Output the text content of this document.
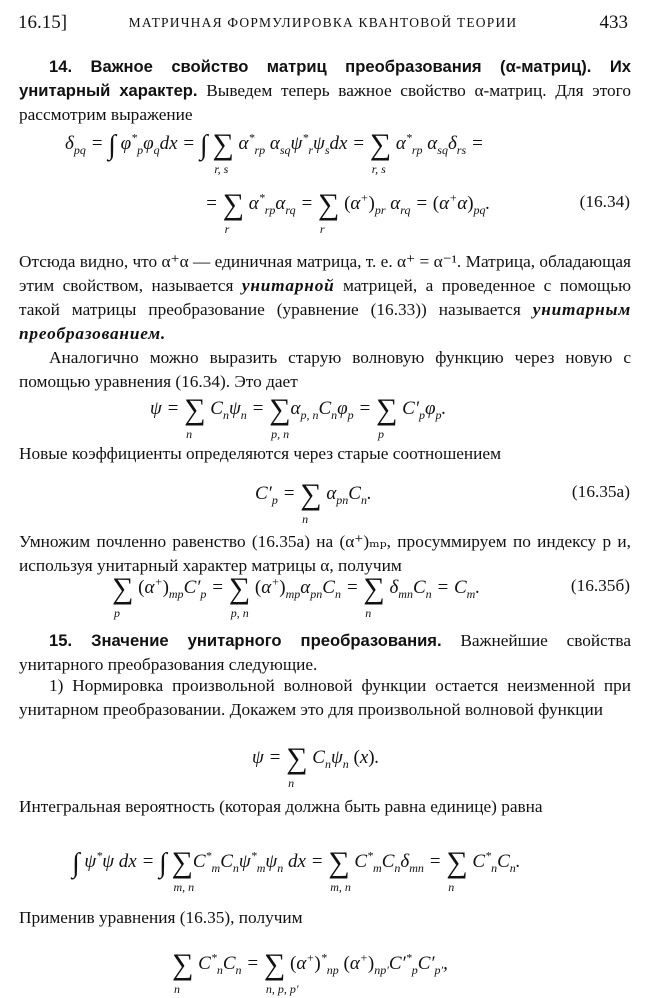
16.15]	МАТРИЧНАЯ ФОРМУЛИРОВКА КВАНТОВОЙ ТЕОРИИ	433

14. Важное свойство матриц преобразования (α-матриц). Их унитарный характер. Выведем теперь важное свойство α-матриц. Для этого рассмотрим выражение

$\delta_{pq}$ = ∫ $\varphi^*_p\varphi_qdx$ = ∫ ∑
r, s
$\alpha^*_{rp}$ $\alpha_{sq}\psi^*_r\psi_sdx$ = ∑
r, s
$\alpha^*_{rp}$ $\alpha_{sq}\delta_{rs}$ =
= ∑
r
$\alpha^*_{rp}\alpha_{rq}$ = ∑
r
$(\alpha^+)_{pr}$ $\alpha_{rq} = (\alpha^+\alpha)_{pq}$.	(16.34)

Отсюда видно, что α⁺α — единичная матрица, т. е. α⁺ = α⁻¹. Матрица, обладающая этим свойством, называется унитарной матрицей, а проведенное с помощью такой матрицы преобразование (уравнение (16.33)) называется унитарным преобразованием.

Аналогично можно выразить старую волновую функцию через новую с помощью уравнения (16.34). Это дает

ψ = ∑
n
$C_n\psi_n$ = ∑
p, n
$\alpha_{p, n}C_n\varphi_p$ = ∑
p
$C'_p\varphi_p$.

Новые коэффициенты определяются через старые соотношением

$C'_p$ = ∑
n
$\alpha_{pn}C_n$.	(16.35а)

Умножим почленно равенство (16.35а) на (α⁺)ₘₚ, просуммируем по индексу p и, используя унитарный характер матрицы α, получим

∑
p
$(\alpha^+)_{mp}C'_p$ = ∑
p, n
$(\alpha^+)_{mp}\alpha_{pn}C_n$ = ∑
n
$\delta_{mn}C_n = C_m$.	(16.35б)

15. Значение унитарного преобразования. Важнейшие свойства унитарного преобразования следующие.

1) Нормировка произвольной волновой функции остается неизменной при унитарном преобразовании. Докажем это для произвольной волновой функции

ψ = ∑
n
$C_n\psi_n$ (x).

Интегральная вероятность (которая должна быть равна единице) равна

∫ ψ*ψ dx = ∫ ∑
m, n
$C^*_mC_n\psi^*_m\psi_n$ dx = ∑
m, n
$C^*_mC_n\delta_{mn}$ = ∑
n
$C^*_nC_n$.

Применив уравнения (16.35), получим

∑
n
$C^*_nC_n$ = ∑
n, p, p′
$(\alpha^+)^*_{np}$ $(\alpha^+)_{np'}C'^*_pC'_{p'}$,
